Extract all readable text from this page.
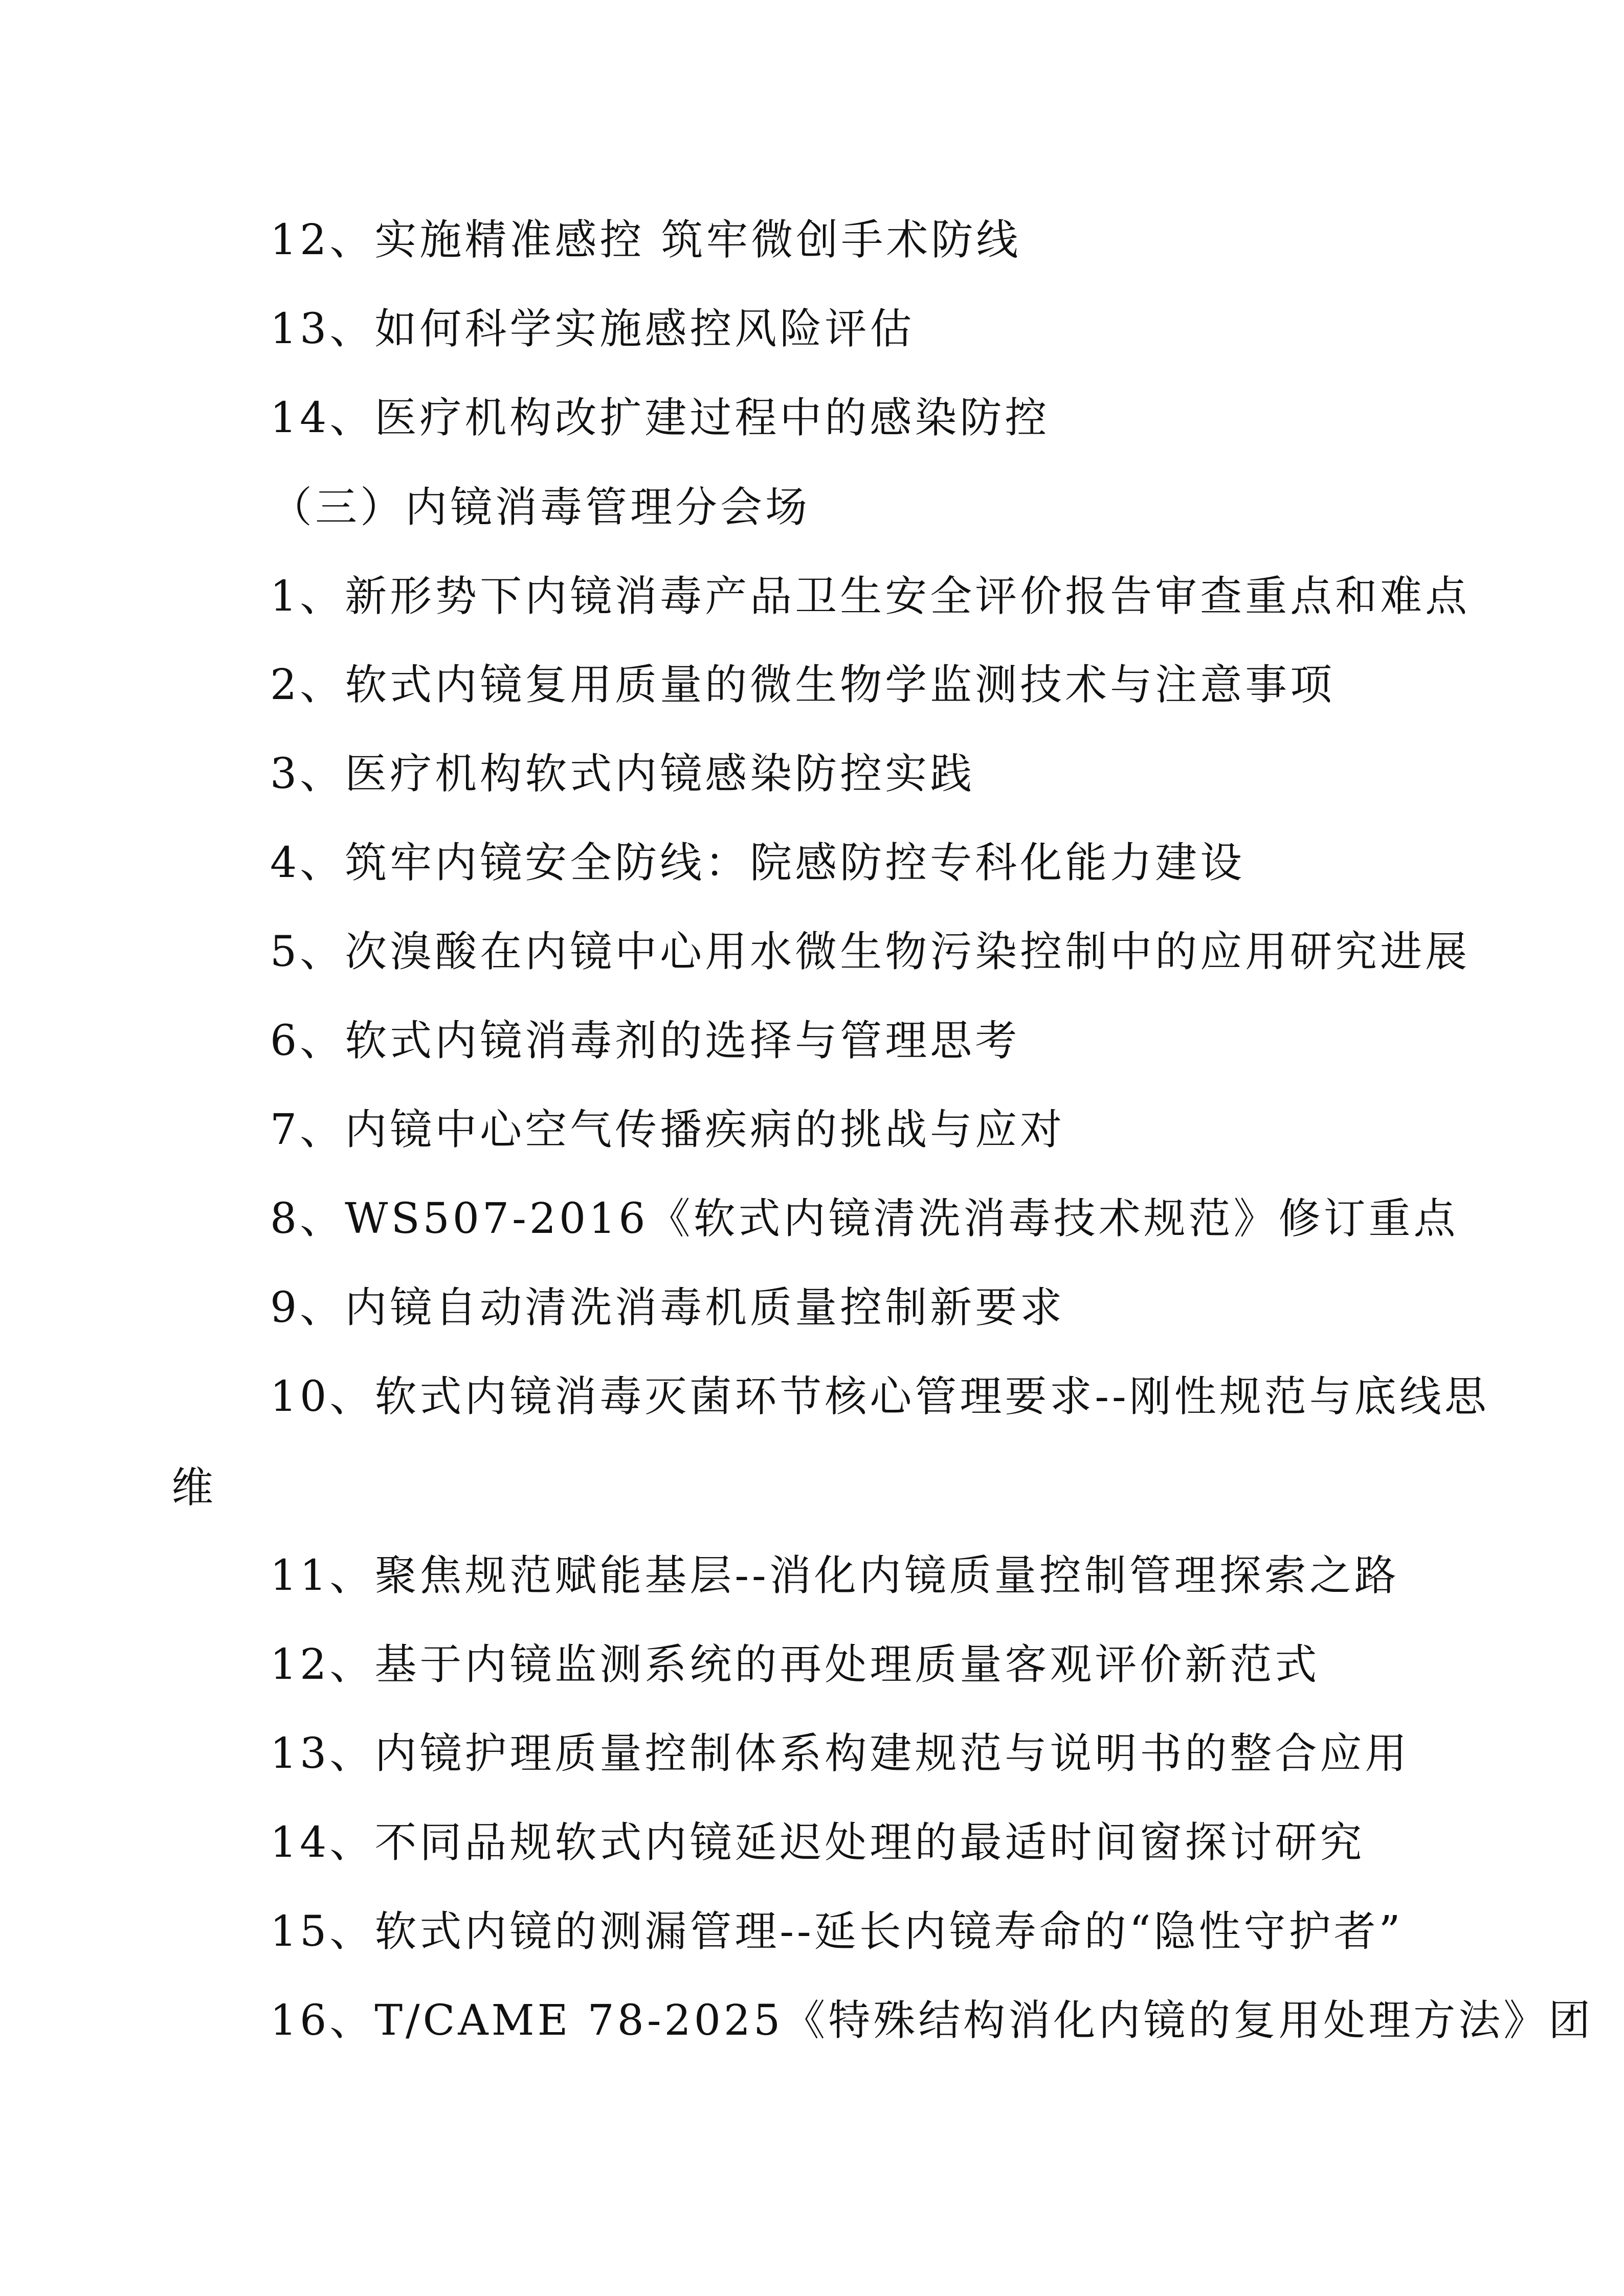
12、实施精准感控 筑牢微创手术防线
13、如何科学实施感控风险评估
14、医疗机构改扩建过程中的感染防控
（三）内镜消毒管理分会场
1、新形势下内镜消毒产品卫生安全评价报告审查重点和难点
2、软式内镜复用质量的微生物学监测技术与注意事项
3、医疗机构软式内镜感染防控实践
4、筑牢内镜安全防线：院感防控专科化能力建设
5、次溴酸在内镜中心用水微生物污染控制中的应用研究进展
6、软式内镜消毒剂的选择与管理思考
7、内镜中心空气传播疾病的挑战与应对
8、WS507-2016《软式内镜清洗消毒技术规范》修订重点
9、内镜自动清洗消毒机质量控制新要求
10、软式内镜消毒灭菌环节核心管理要求--刚性规范与底线思
维
11、聚焦规范赋能基层--消化内镜质量控制管理探索之路
12、基于内镜监测系统的再处理质量客观评价新范式
13、内镜护理质量控制体系构建规范与说明书的整合应用
14、不同品规软式内镜延迟处理的最适时间窗探讨研究
15、软式内镜的测漏管理--延长内镜寿命的“隐性守护者”
16、T/CAME 78-2025《特殊结构消化内镜的复用处理方法》团
